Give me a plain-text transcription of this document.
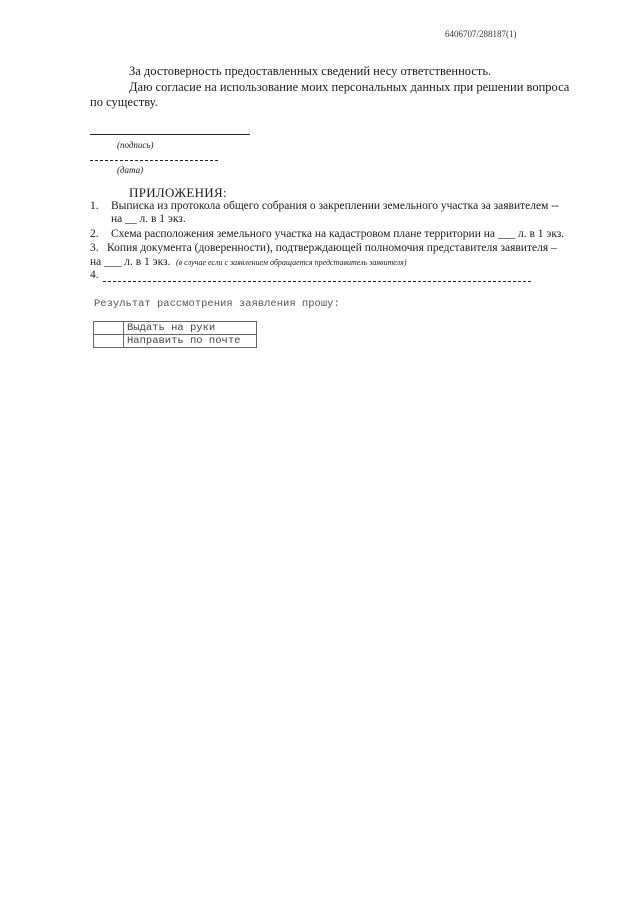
6406707/288187(1)
За достоверность предоставленных сведений несу ответственность.
Даю согласие на использование моих персональных данных при решении вопроса
по существу.
(подпись)
(дата)
ПРИЛОЖЕНИЯ:
1. Выписка из протокола общего собрания о закреплении земельного участка за заявителем --
на __ л. в 1 экз.
2. Схема расположения земельного участка на кадастровом плане территории на ___ л. в 1 экз.
3. Копия документа (доверенности), подтверждающей полномочия представителя заявителя –
на ___ л. в 1 экз. (в случае если с заявлением обращается представитель заявителя)
4.
Результат рассмотрения заявления прошу:
	Выдать на руки
	Направить по почте
